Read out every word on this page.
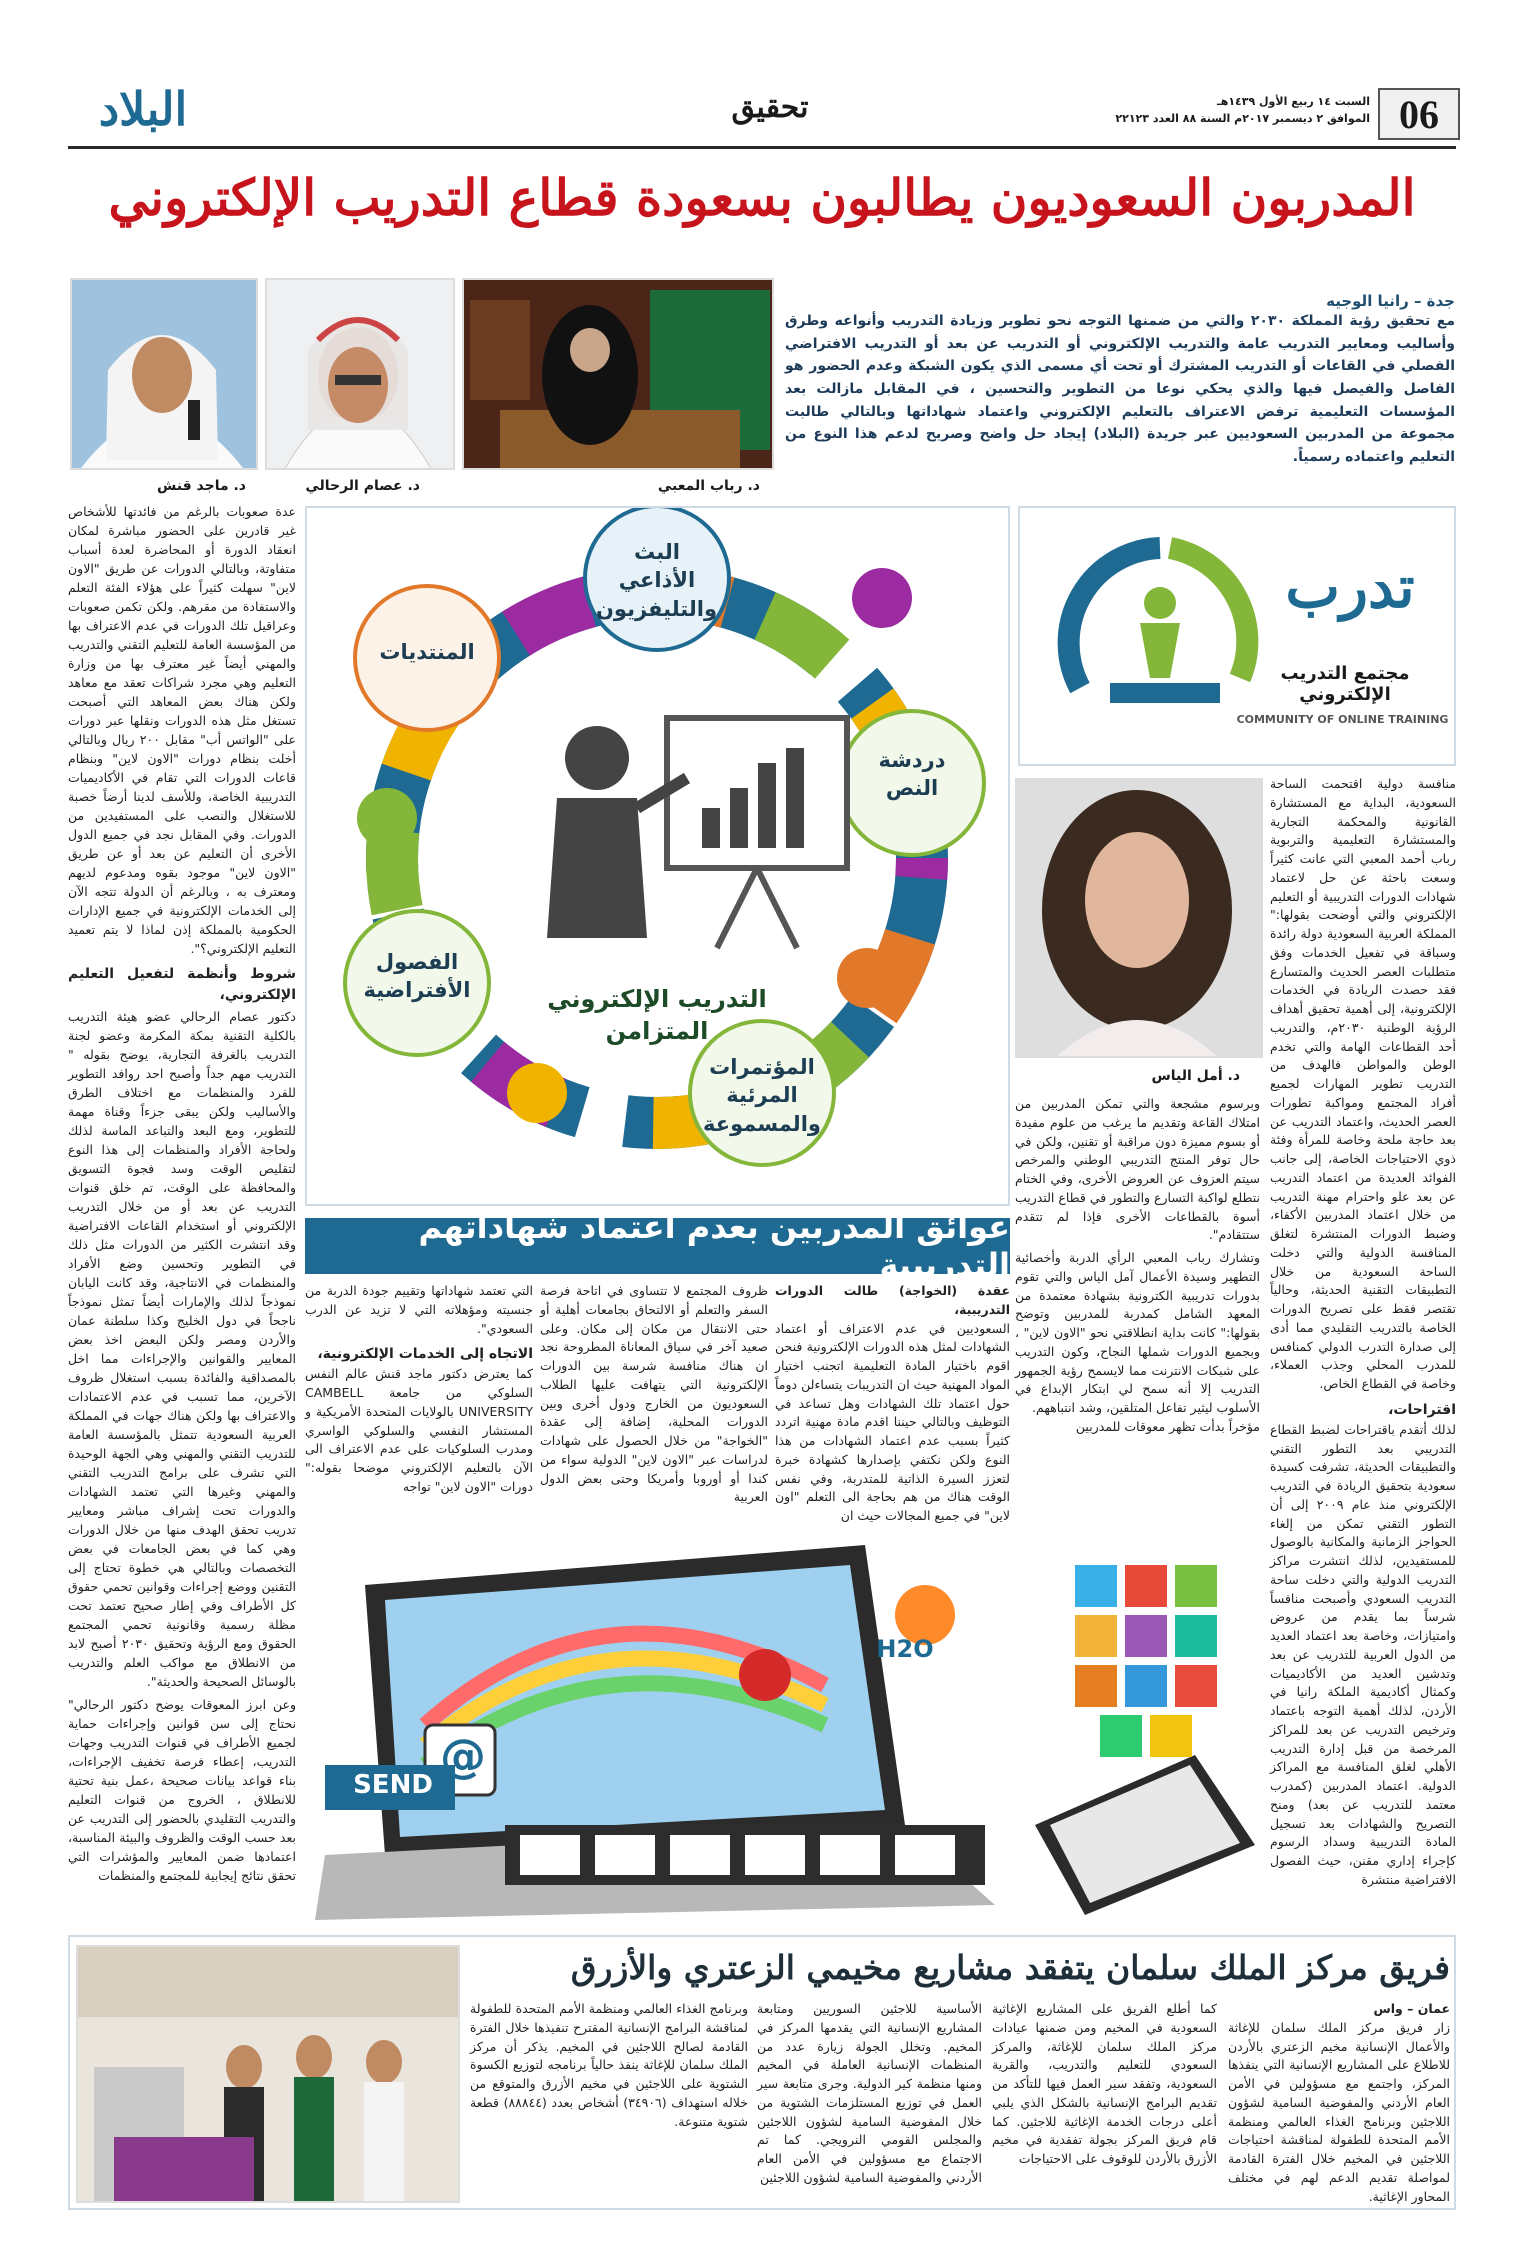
06
السبت ١٤ ربيع الأول ١٤٣٩هـ
الموافق ٢ ديسمبر ٢٠١٧م السنة ٨٨ العدد ٢٢١٢٣
تحقيق
البلاد
المدربون السعوديون يطالبون بسعودة قطاع التدريب الإلكتروني
جدة – رانيا الوجيه
مع تحقيق رؤية المملكة ٢٠٣٠ والتي من ضمنها التوجه نحو تطوير وزيادة التدريب وأنواعه وطرق وأساليب ومعايير التدريب عامة والتدريب الإلكتروني أو التدريب عن بعد أو التدريب الافتراضي الفصلي في القاعات أو التدريب المشترك أو تحت أي مسمى الذي يكون الشبكة وعدم الحضور هو الفاصل والفيصل فيها والذي يحكي نوعا من التطوير والتحسين ، في المقابل مازالت بعد المؤسسات التعليمية ترفض الاعتراف بالتعليم الإلكتروني واعتماد شهاداتها وبالتالي طالبت مجموعة من المدربين السعوديين عبر جريدة (البلاد) إيجاد حل واضح وصريح لدعم هذا النوع من التعليم واعتماده رسمياً.
د. رباب المعبي
د. عصام الرحالي
د. ماجد قنش

عدة صعوبات بالرغم من فائدتها للأشخاص غير قادرين على الحضور مباشرة لمكان انعقاد الدورة أو المحاضرة لعدة أسباب متفاوتة، وبالتالي الدورات عن طريق "الاون لاين" سهلت كثيراً على هؤلاء الفئة التعلم والاستفادة من مقرهم. ولكن تكمن صعوبات وعراقيل تلك الدورات في عدم الاعتراف بها من المؤسسة العامة للتعليم التقني والتدريب والمهني أيضاً غير معترف بها من وزارة التعليم وهي مجرد شراكات تعقد مع معاهد ولكن هناك بعض المعاهد التي أصبحت تستغل مثل هذه الدورات ونقلها عبر دورات على "الواتس أب" مقابل ٢٠٠ ريال وبالتالي أخلت بنظام دورات "الاون لاين" وبنظام قاعات الدورات التي تقام في الأكاديميات التدريبية الخاصة، وللأسف لدينا أرضاً خصبة للاستغلال والنصب على المستفيدين من الدورات. وفي المقابل نجد في جميع الدول الأخرى أن التعليم عن بعد أو عن طريق "الاون لاين" موجود بقوه ومدعوم لديهم ومعترف به ، وبالرغم أن الدولة تتجه الآن إلى الخدمات الإلكترونية في جميع الإدارات الحكومية بالمملكة إذن لماذا لا يتم تعميد التعليم الإلكتروني؟".

شروط وأنظمة لتفعيل التعليم الإلكتروني،

دكتور عصام الرحالي عضو هيئة التدريب بالكلية التقنية بمكة المكرمة وعضو لجنة التدريب بالغرفة التجارية، يوضح بقوله " التدريب مهم جداً وأصبح احد روافد التطوير للفرد والمنظمات مع اختلاف الطرق والأساليب ولكن يبقى جزءاً وقناة مهمة للتطوير، ومع البعد والتباعد الماسة لذلك ولحاجة الأفراد والمنظمات إلى هذا النوع لتقليص الوقت وسد فجوة التسويق والمحافظة على الوقت، تم خلق قنوات التدريب عن بعد أو من خلال التدريب الإلكتروني أو استخدام القاعات الافتراضية وقد انتشرت الكثير من الدورات مثل ذلك في التطوير وتحسين وضع الأفراد والمنظمات في الانتاجية، وقد كانت اليابان نموذجاً لذلك والإمارات أيضاً تمثل نموذجاً ناجحاً في دول الخليج وكذا سلطنة عمان والأردن ومصر ولكن البعض اخذ بعض المعايير والقوانين والإجراءات مما اخل بالمصداقية والفائدة بسبب استغلال ظروف الآخرين، مما تسبب في عدم الاعتمادات والاعتراف بها ولكن هناك جهات في المملكة العربية السعودية تتمثل بالمؤسسة العامة للتدريب التقني والمهني وهي الجهة الوحيدة التي تشرف على برامج التدريب التقني والمهني وغيرها التي تعتمد الشهادات والدورات تحت إشراف مباشر ومعايير تدريب تحقق الهدف منها من خلال الدورات وهي كما في بعض الجامعات في بعض التخصصات وبالتالي هي خطوة تحتاج إلى التقنين ووضع إجراءات وقوانين تحمي حقوق كل الأطراف وفي إطار صحيح تعتمد تحت مظلة رسمية وقانونية تحمي المجتمع الحقوق ومع الرؤية وتحقيق ٢٠٣٠ أصبح لابد من الانطلاق مع مواكب العلم والتدريب بالوسائل الصحيحة والحديثة".

وعن ابرز المعوقات يوضح دكتور الرحالي" نحتاج إلى سن قوانين وإجراءات حماية لجميع الأطراف في قنوات التدريب وجهات التدريب، إعطاء فرصة تخفيف الإجراءات، بناء قواعد بيانات صحيحة ،عمل بنية تحتية للانطلاق ، الخروج من قنوات التعليم والتدريب التقليدي بالحضور إلى التدريب عن بعد حسب الوقت والظروف والبيئة المناسبة، اعتمادها ضمن المعايير والمؤشرات التي تحقق نتائج إيجابية للمجتمع والمنظمات

البث الأذاعي والتليفزيون
دردشة النص
المؤتمرات المرئية والمسموعة
الفصول الأفتراضية
المنتديات
التدريب الإلكتروني المتزامن
تدرب
مجتمع التدريب الإلكتروني
COMMUNITY OF ONLINE TRAINING
د. أمل الياس

منافسة دولية اقتحمت الساحة السعودية، البداية مع المستشارة القانونية والمحكمة التجارية والمستشارة التعليمية والتربوية رباب أحمد المعبي التي عانت كثيراً وسعت باحثة عن حل لاعتماد شهادات الدورات التدريبية أو التعليم الإلكتروني والتي أوضحت بقولها:" المملكة العربية السعودية دولة رائدة وسباقة في تفعيل الخدمات وفق متطلبات العصر الحديث والمتسارع فقد حصدت الريادة في الخدمات الإلكترونية، إلى أهمية تحقيق أهداف الرؤية الوطنية ٢٠٣٠م، والتدريب أحد القطاعات الهامة والتي تخدم الوطن والمواطن فالهدف من التدريب تطوير المهارات لجميع أفراد المجتمع ومواكبة تطورات العصر الحديث، واعتماد التدريب عن بعد حاجة ملحة وخاصة للمرأة وفئة ذوي الاحتياجات الخاصة، إلى جانب الفوائد العديدة من اعتماد التدريب عن بعد علو واحترام مهنة التدريب من خلال اعتماد المدربين الأكفاء، وضبط الدورات المنتشرة لتغلق المنافسة الدولية والتي دخلت الساحة السعودية من خلال التطبيقات التقنية الحديثة، وحالياً تقتصر فقط على تصريح الدورات الخاصة بالتدريب التقليدي مما أدى إلى صدارة التدرب الدولي كمنافس للمدرب المحلي وجذب العملاء، وخاصة في القطاع الخاص.

اقتراحات،

لذلك أتقدم باقتراحات لضبط القطاع التدريبي بعد التطور التقني والتطبيقات الحديثة، تشرفت كسيدة سعودية بتحقيق الريادة في التدريب الإلكتروني منذ عام ٢٠٠٩ إلى أن التطور التقني تمكن من إلغاء الحواجز الزمانية والمكانية بالوصول للمستفيدين، لذلك انتشرت مراكز التدريب الدولية والتي دخلت ساحة التدريب السعودي وأصبحت منافساً شرساً بما يقدم من عروض وامتيازات، وخاصة بعد اعتماد العديد من الدول العربية للتدريب عن بعد وتدشين العديد من الأكاديميات وكمثال أكاديمية الملكة رانيا في الأردن، لذلك أهمية التوجه باعتماد وترخيص التدريب عن بعد للمراكز المرخصة من قبل إدارة التدريب الأهلي لغلق المنافسة مع المراكز الدولية. اعتماد المدربين (كمدرب معتمد للتدريب عن بعد) ومنح التصريح والشهادات بعد تسجيل المادة التدريبية وسداد الرسوم كإجراء إداري مقنن، حيث الفصول الافتراضية منتشرة

وبرسوم مشجعة والتي تمكن المدربين من امتلاك القاعة وتقديم ما يرغب من علوم مفيدة أو بسوم مميزة دون مراقبة أو تقنين، ولكن في حال توفر المنتج التدريبي الوطني والمرخص سيتم العزوف عن العروض الأخرى، وفي الختام نتطلع لواكبة التسارع والتطور في قطاع التدريب أسوة بالقطاعات الأخرى فإذا لم تتقدم ستتقادم".

وتشارك رباب المعبي الرأي الدربة وأخصائية التطهير وسيدة الأعمال آمل الياس والتي تقوم بدورات تدريبية الكترونية بشهادة معتمدة من المعهد الشامل كمدربة للمدربين وتوضح بقولها:" كانت بداية انطلاقتي نحو "الاون لاين" ، وبجميع الدورات شملها النجاح، وكون التدريب على شبكات الانترنت مما لايسمح رؤية الجمهور التدريب إلا أنه سمح لي ابتكار الإبداع في الأسلوب ليثير تفاعل المتلقين، وشد انتباههم.

مؤخراً بدأت تظهر معوقات للمدربين

عوائق المدربين بعدم اعتماد شهاداتهم التدريبية

عقدة (الخواجة) طالت الدورات التدريبية،

السعوديين في عدم الاعتراف أو اعتماد الشهادات لمثل هذه الدورات الإلكترونية فنحن اقوم باختيار المادة التعليمية اتجنب اختيار المواد المهنية حيث ان التدريبات يتساءلن دوماً حول اعتماد تلك الشهادات وهل تساعد في التوظيف وبالتالي حيننا اقدم مادة مهنية اتردد كثيراً بسبب عدم اعتماد الشهادات من هذا النوع ولكن نكتفي بإصدارها كشهادة خبرة لتعزز السيرة الذاتية للمتدربة، وفي نفس الوقت هناك من هم بحاجة الى التعلم "اون لاين" في جميع المجالات حيث ان

ظروف المجتمع لا تتساوى في اتاحة فرصة السفر والتعلم أو الالتحاق بجامعات أهلية أو حتى الانتقال من مكان إلى مكان. وعلى صعيد آخر في سياق المعاناة المطروحة نجد ان هناك منافسة شرسة بين الدورات الإلكترونية التي يتهافت عليها الطلاب السعوديون من الخارج ودول أخرى وبين الدورات المحلية، إضافة إلى عقدة "الخواجة" من خلال الحصول على شهادات لدراسات عبر "الاون لاين" الدولية سواء من كندا أو أوروبا وأمريكا وحتى بعض الدول العربية

التي تعتمد شهاداتها وتقييم جودة الدربة من جنسيته ومؤهلاته التي لا تزيد عن الدرب السعودي".

الاتجاه إلى الخدمات الإلكترونية،

كما يعترض دكتور ماجد قنش عالم النفس السلوكي من جامعة CAMBELL UNIVERSITY بالولايات المتحدة الأمريكية و المستشار النفسي والسلوكي الواسري ومدرب السلوكيات على عدم الاعتراف الى الآن بالتعليم الإلكتروني موضحا بقوله:" دورات "الاون لاين" تواجه

SEND
@
H2O
فريق مركز الملك سلمان يتفقد مشاريع مخيمي الزعتري والأزرق

عمان – واس

زار فريق مركز الملك سلمان للإغاثة والأعمال الإنسانية مخيم الزعتري بالأردن للاطلاع على المشاريع الإنسانية التي ينفذها المركز، واجتمع مع مسؤولين في الأمن العام الأردني والمفوضية السامية لشؤون اللاجئين وبرنامج الغذاء العالمي ومنظمة الأمم المتحدة للطفولة لمناقشة احتياجات اللاجئين في المخيم خلال الفترة القادمة لمواصلة تقديم الدعم لهم في مختلف المحاور الإغاثية.

كما أطلع الفريق على المشاريع الإغاثية السعودية في المخيم ومن ضمنها عيادات مركز الملك سلمان للإغاثة، والمركز السعودي للتعليم والتدريب، والقرية السعودية، وتفقد سير العمل فيها للتأكد من تقديم البرامج الإنسانية بالشكل الذي يلبي أعلى درجات الخدمة الإغاثية للاجئين. كما قام فريق المركز بجولة تفقدية في مخيم الأزرق بالأردن للوقوف على الاحتياجات

الأساسية للاجئين السوريين ومتابعة المشاريع الإنسانية التي يقدمها المركز في المخيم. وتخلل الجولة زيارة عدد من المنظمات الإنسانية العاملة في المخيم ومنها منظمة كير الدولية. وجرى متابعة سير العمل في توزيع المستلزمات الشتوية من خلال المفوضية السامية لشؤون اللاجئين والمجلس القومي النرويجي. كما تم الاجتماع مع مسؤولين في الأمن العام الأردني والمفوضية السامية لشؤون اللاجئين

وبرنامج الغذاء العالمي ومنظمة الأمم المتحدة للطفولة لمناقشة البرامج الإنسانية المقترح تنفيذها خلال الفترة القادمة لصالح اللاجئين في المخيم. يذكر أن مركز الملك سلمان للإغاثة ينفذ حالياً برنامجه لتوزيع الكسوة الشتوية على اللاجئين في مخيم الأزرق والمتوقع من خلاله استهداف (٣٤٩٠٦) أشخاص بعدد (٨٨٨٤٤) قطعة شتوية متنوعة.
